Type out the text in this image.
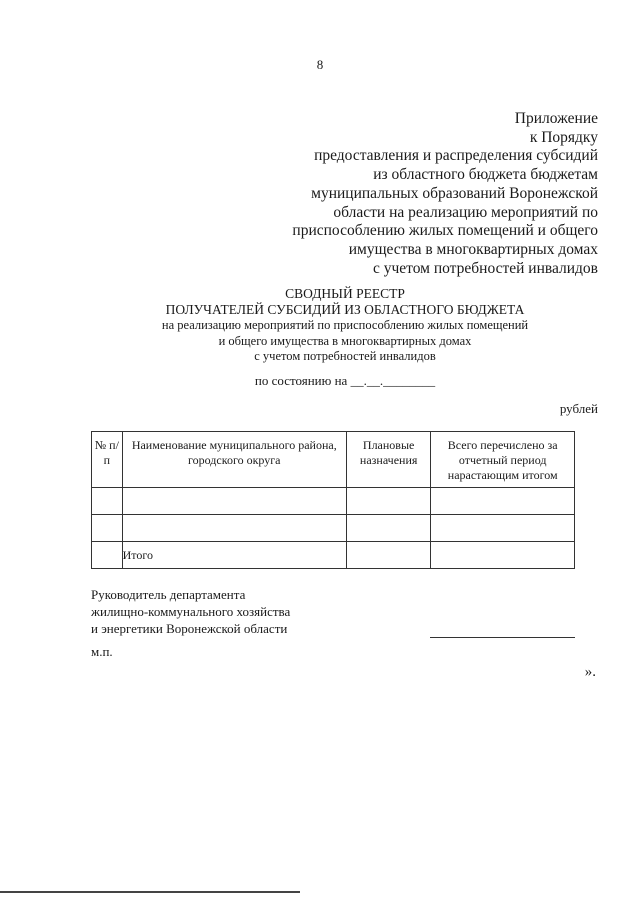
8
Приложение
к Порядку
предоставления и распределения субсидий
из областного бюджета бюджетам
муниципальных образований Воронежской
области на реализацию мероприятий по
приспособлению жилых помещений и общего
имущества в многоквартирных домах
с учетом потребностей инвалидов
СВОДНЫЙ РЕЕСТР
ПОЛУЧАТЕЛЕЙ СУБСИДИЙ ИЗ ОБЛАСТНОГО БЮДЖЕТА
на реализацию мероприятий по приспособлению жилых помещений
и общего имущества в многоквартирных домах
с учетом потребностей инвалидов
по состоянию на __.__.________
рублей
№ п/п	Наименование муниципального района, городского округа	Плановые назначения	Всего перечислено за отчетный период нарастающим итогом

	Итого		
Руководитель департамента
жилищно-коммунального хозяйства
и энергетики Воронежской области
м.п.
».
